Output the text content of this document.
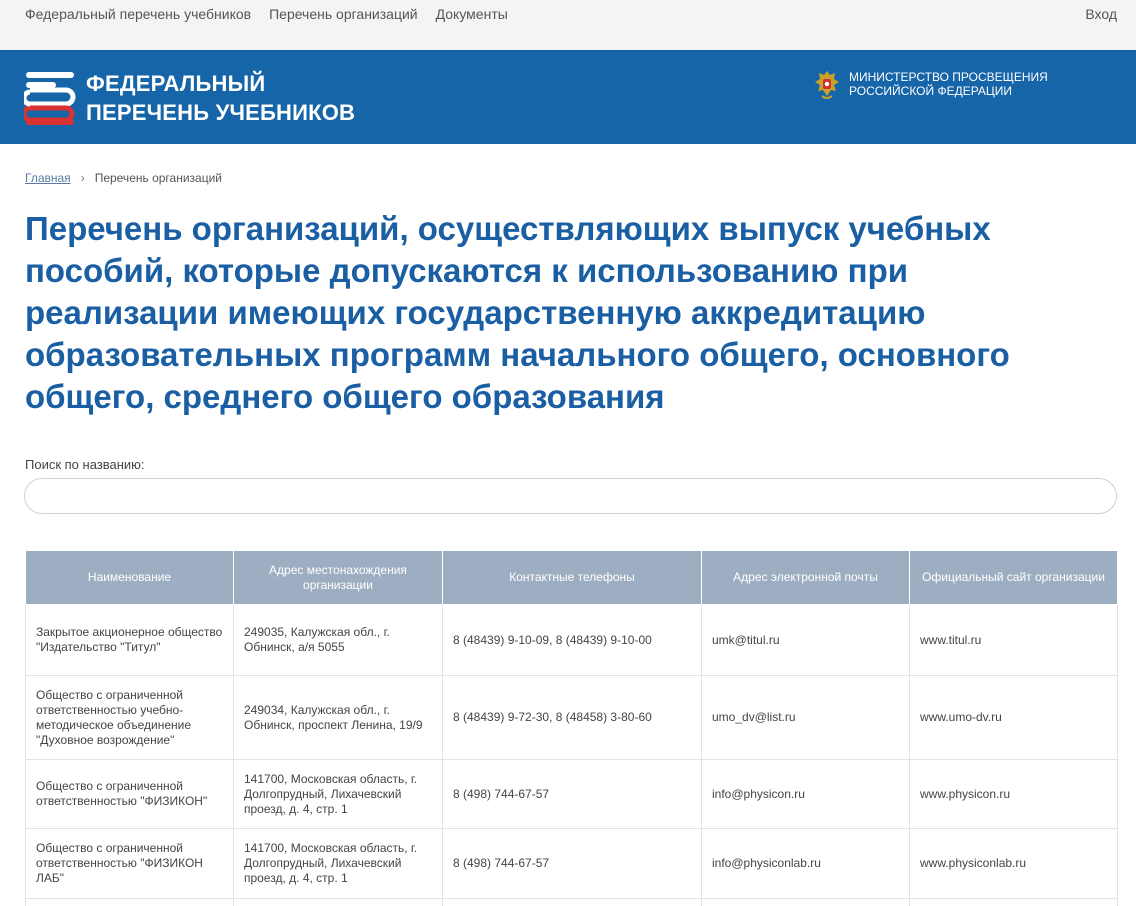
Федеральный перечень учебников Перечень организаций Документы	Вход
ФЕДЕРАЛЬНЫЙ
ПЕРЕЧЕНЬ УЧЕБНИКОВ
МИНИСТЕРСТВО ПРОСВЕЩЕНИЯ
РОССИЙСКОЙ ФЕДЕРАЦИИ
Главная › Перечень организаций
Перечень организаций, осуществляющих выпуск учебных пособий, которые допускаются к использованию при реализации имеющих государственную аккредитацию образовательных программ начального общего, основного общего, среднего общего образования
Поиск по названию:
Наименование	Адрес местонахождения организации	Контактные телефоны	Адрес электронной почты	Официальный сайт организации
Закрытое акционерное общество "Издательство "Титул"	249035, Калужская обл., г. Обнинск, а/я 5055	8 (48439) 9-10-09, 8 (48439) 9-10-00	umk@titul.ru	www.titul.ru
Общество с ограниченной ответственностью учебно-методическое объединение "Духовное возрождение"	249034, Калужская обл., г. Обнинск, проспект Ленина, 19/9	8 (48439) 9-72-30, 8 (48458) 3-80-60	umo_dv@list.ru	www.umo-dv.ru
Общество с ограниченной ответственностью "ФИЗИКОН"	141700, Московская область, г. Долгопрудный, Лихачевский проезд, д. 4, стр. 1	8 (498) 744-67-57	info@physicon.ru	www.physicon.ru
Общество с ограниченной ответственностью "ФИЗИКОН ЛАБ"	141700, Московская область, г. Долгопрудный, Лихачевский проезд, д. 4, стр. 1	8 (498) 744-67-57	info@physiconlab.ru	www.physiconlab.ru
